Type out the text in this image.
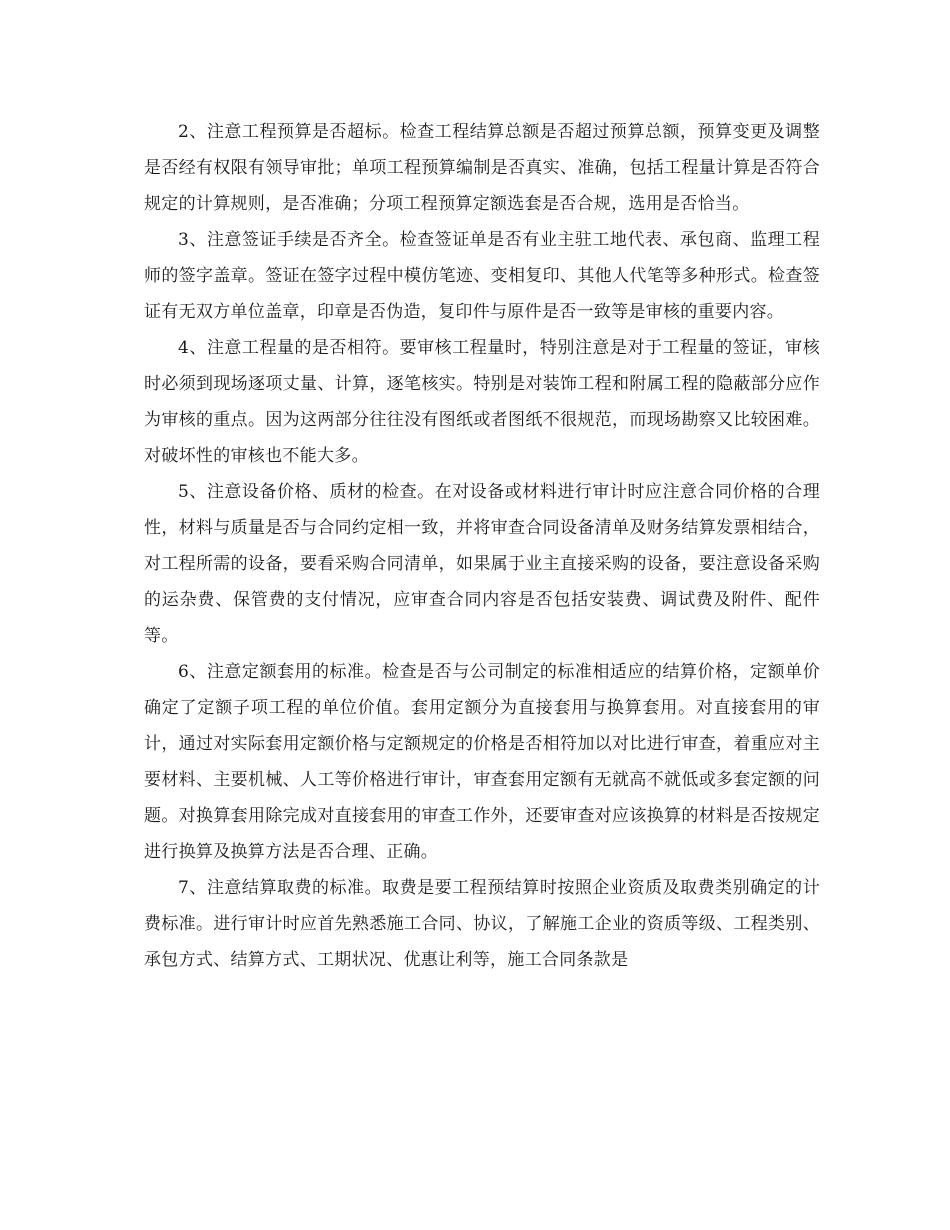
2、注意工程预算是否超标。检查工程结算总额是否超过预算总额，预算变更及调整是否经有权限有领导审批；单项工程预算编制是否真实、准确，包括工程量计算是否符合规定的计算规则，是否准确；分项工程预算定额选套是否合规，选用是否恰当。

3、注意签证手续是否齐全。检查签证单是否有业主驻工地代表、承包商、监理工程师的签字盖章。签证在签字过程中模仿笔迹、变相复印、其他人代笔等多种形式。检查签证有无双方单位盖章，印章是否伪造，复印件与原件是否一致等是审核的重要内容。

4、注意工程量的是否相符。要审核工程量时，特别注意是对于工程量的签证，审核时必须到现场逐项丈量、计算，逐笔核实。特别是对装饰工程和附属工程的隐蔽部分应作为审核的重点。因为这两部分往往没有图纸或者图纸不很规范，而现场勘察又比较困难。对破坏性的审核也不能大多。

5、注意设备价格、质材的检查。在对设备或材料进行审计时应注意合同价格的合理性，材料与质量是否与合同约定相一致，并将审查合同设备清单及财务结算发票相结合，对工程所需的设备，要看采购合同清单，如果属于业主直接采购的设备，要注意设备采购的运杂费、保管费的支付情况，应审查合同内容是否包括安装费、调试费及附件、配件等。

6、注意定额套用的标准。检查是否与公司制定的标准相适应的结算价格，定额单价确定了定额子项工程的单位价值。套用定额分为直接套用与换算套用。对直接套用的审计，通过对实际套用定额价格与定额规定的价格是否相符加以对比进行审查，着重应对主要材料、主要机械、人工等价格进行审计，审查套用定额有无就高不就低或多套定额的问题。对换算套用除完成对直接套用的审查工作外，还要审查对应该换算的材料是否按规定进行换算及换算方法是否合理、正确。

7、注意结算取费的标准。取费是要工程预结算时按照企业资质及取费类别确定的计费标准。进行审计时应首先熟悉施工合同、协议，了解施工企业的资质等级、工程类别、承包方式、结算方式、工期状况、优惠让利等，施工合同条款是
